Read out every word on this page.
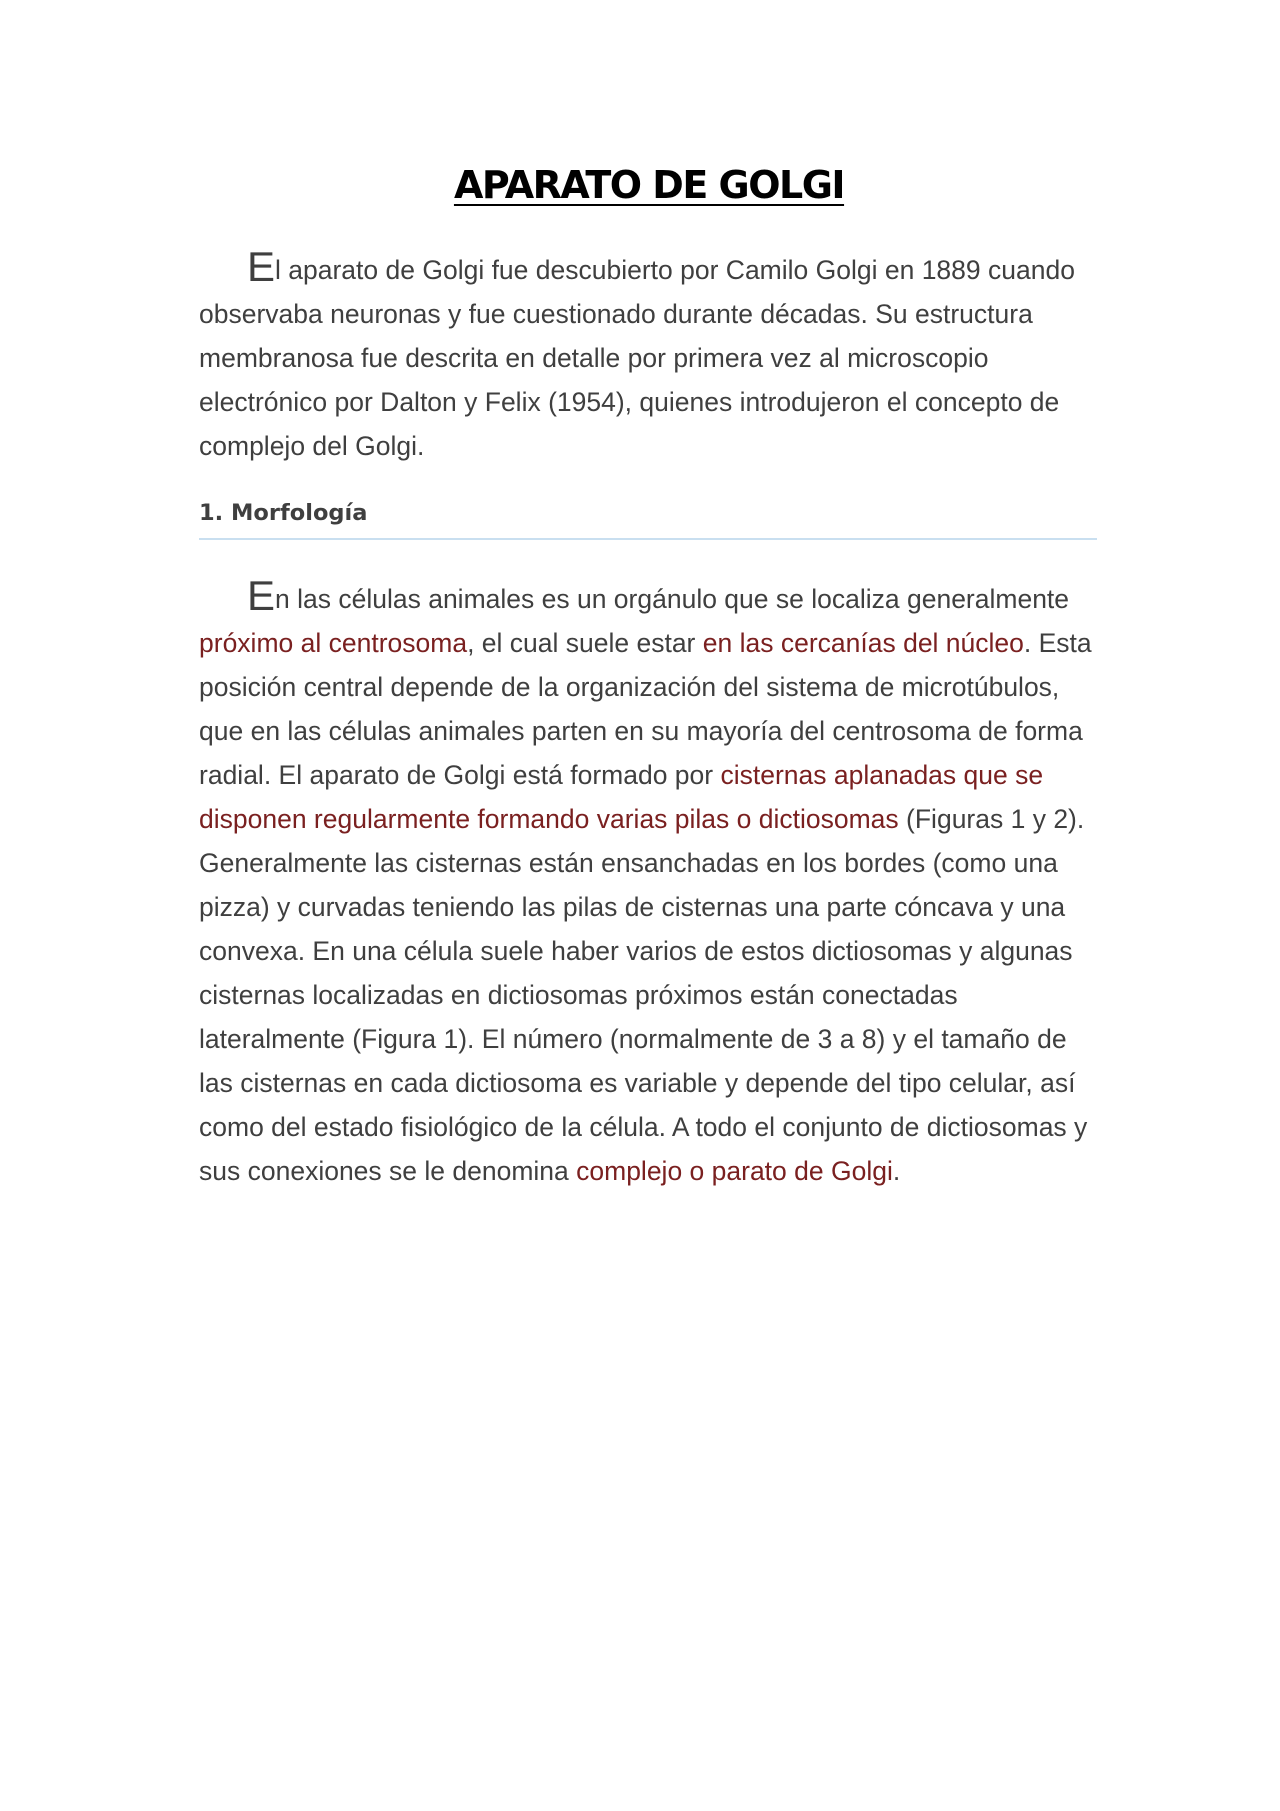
APARATO DE GOLGI

El aparato de Golgi fue descubierto por Camilo Golgi en 1889 cuando observaba neuronas y fue cuestionado durante décadas. Su estructura membranosa fue descrita en detalle por primera vez al microscopio electrónico por Dalton y Felix (1954), quienes introdujeron el concepto de complejo del Golgi.

1. Morfología

En las células animales es un orgánulo que se localiza generalmente próximo al centrosoma, el cual suele estar en las cercanías del núcleo. Esta posición central depende de la organización del sistema de microtúbulos, que en las células animales parten en su mayoría del centrosoma de forma radial. El aparato de Golgi está formado por cisternas aplanadas que se disponen regularmente formando varias pilas o dictiosomas (Figuras 1 y 2). Generalmente las cisternas están ensanchadas en los bordes (como una pizza) y curvadas teniendo las pilas de cisternas una parte cóncava y una convexa. En una célula suele haber varios de estos dictiosomas y algunas cisternas localizadas en dictiosomas próximos están conectadas lateralmente (Figura 1). El número (normalmente de 3 a 8) y el tamaño de las cisternas en cada dictiosoma es variable y depende del tipo celular, así como del estado fisiológico de la célula. A todo el conjunto de dictiosomas y sus conexiones se le denomina complejo o parato de Golgi.
